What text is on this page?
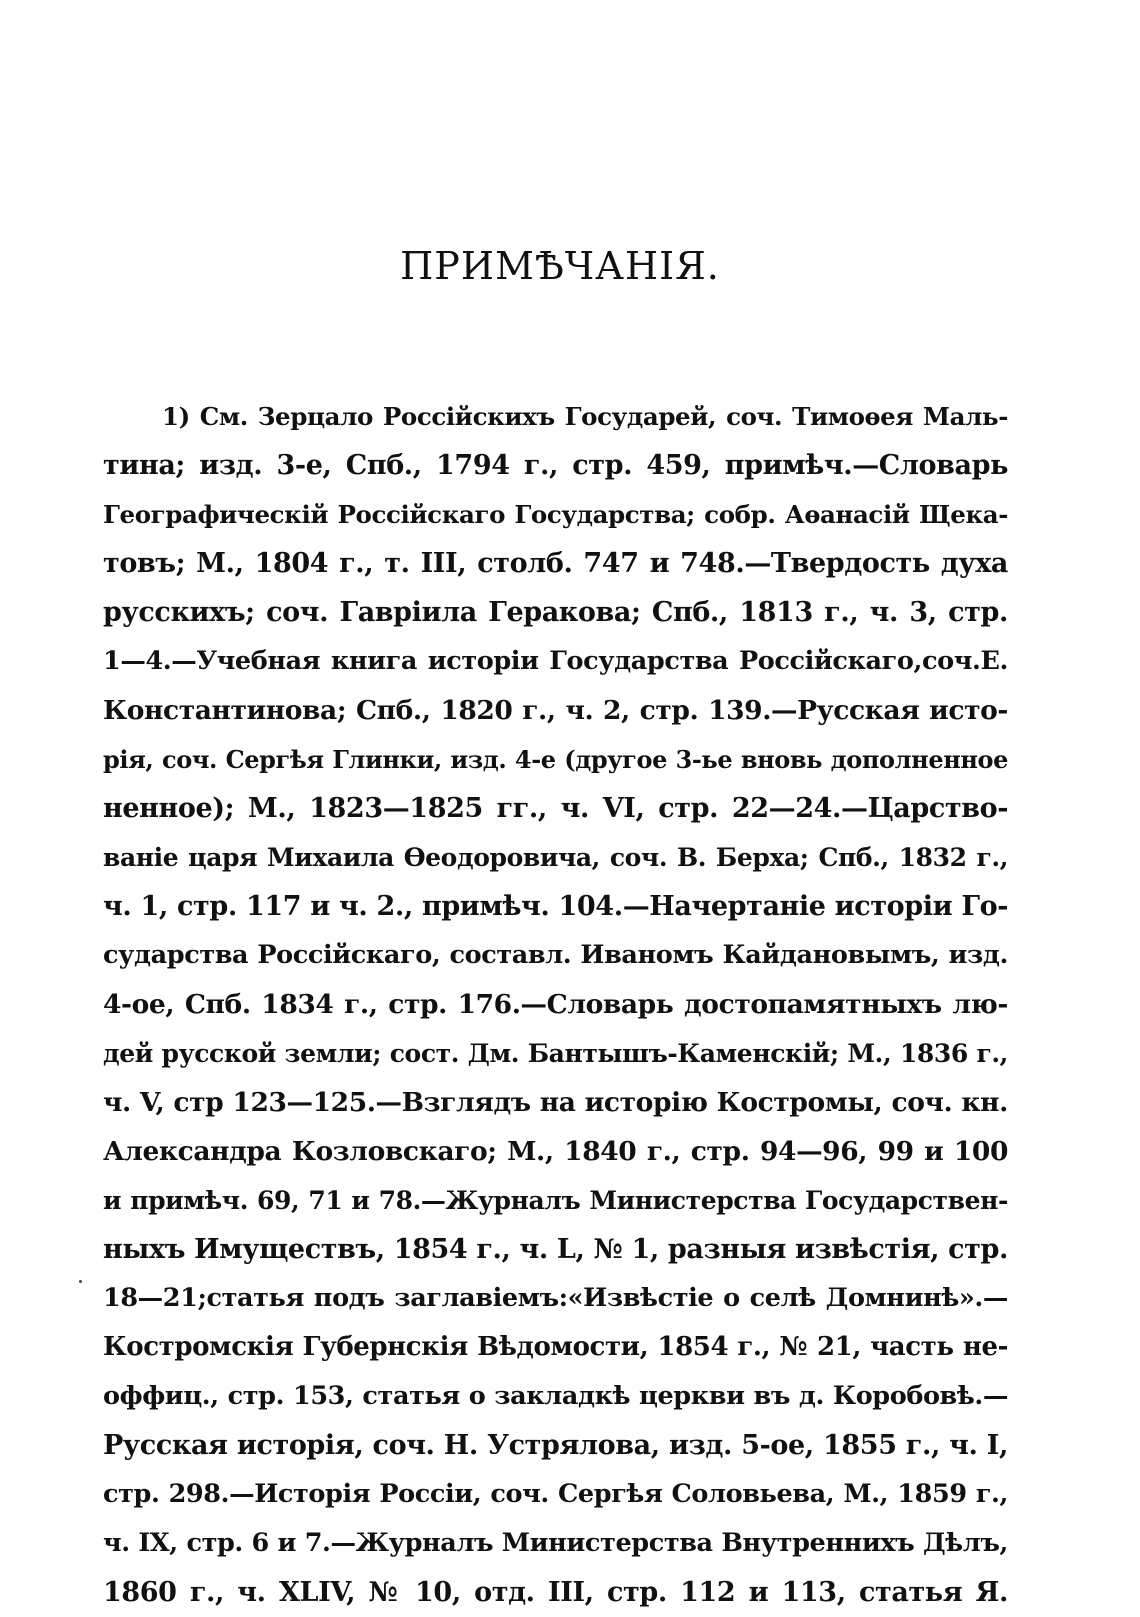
ПРИМѢЧАНІЯ.
1) См. Зерцало Россійскихъ Государей, соч. Тимоѳея Маль-
тина; изд. 3-е, Спб., 1794 г., стр. 459, примѣч.—Словарь
Географическій Россійскаго Государства; собр. Аѳанасій Щека-
товъ; М., 1804 г., т. III, столб. 747 и 748.—Твердость духа
русскихъ; соч. Гавріила Геракова; Спб., 1813 г., ч. 3, стр.
1—4.—Учебная книга исторіи Государства Россійскаго,соч.Е.
Константинова; Спб., 1820 г., ч. 2, стр. 139.—Русская исто-
рія, соч. Сергѣя Глинки, изд. 4-е (другое 3-ье вновь дополненное
ненное); М., 1823—1825 гг., ч. VI, стр. 22—24.—Царство-
ваніе царя Михаила Ѳеодоровича, соч. В. Берха; Спб., 1832 г.,
ч. 1, стр. 117 и ч. 2., примѣч. 104.—Начертаніе исторіи Го-
сударства Россійскаго, составл. Иваномъ Кайдановымъ, изд.
4-ое, Спб. 1834 г., стр. 176.—Словарь достопамятныхъ лю-
дей русской земли; сост. Дм. Бантышъ-Каменскій; М., 1836 г.,
ч. V, стр 123—125.—Взглядъ на исторію Костромы, соч. кн.
Александра Козловскаго; М., 1840 г., стр. 94—96, 99 и 100
и примѣч. 69, 71 и 78.—Журналъ Министерства Государствен-
ныхъ Имуществъ, 1854 г., ч. L, № 1, разныя извѣстія, стр.
18—21;статья подъ заглавіемъ:«Извѣстіе о селѣ Домнинѣ».—
Костромскія Губернскія Вѣдомости, 1854 г., № 21, часть не-
оффиц., стр. 153, статья о закладкѣ церкви въ д. Коробовѣ.—
Русская исторія, соч. Н. Устрялова, изд. 5-ое, 1855 г., ч. I,
стр. 298.—Исторія Россіи, соч. Сергѣя Соловьева, М., 1859 г.,
ч. IX, стр. 6 и 7.—Журналъ Министерства Внутреннихъ Дѣлъ,
1860 г., ч. XLIV, № 10, отд. III, стр. 112 и 113, статья Я.
